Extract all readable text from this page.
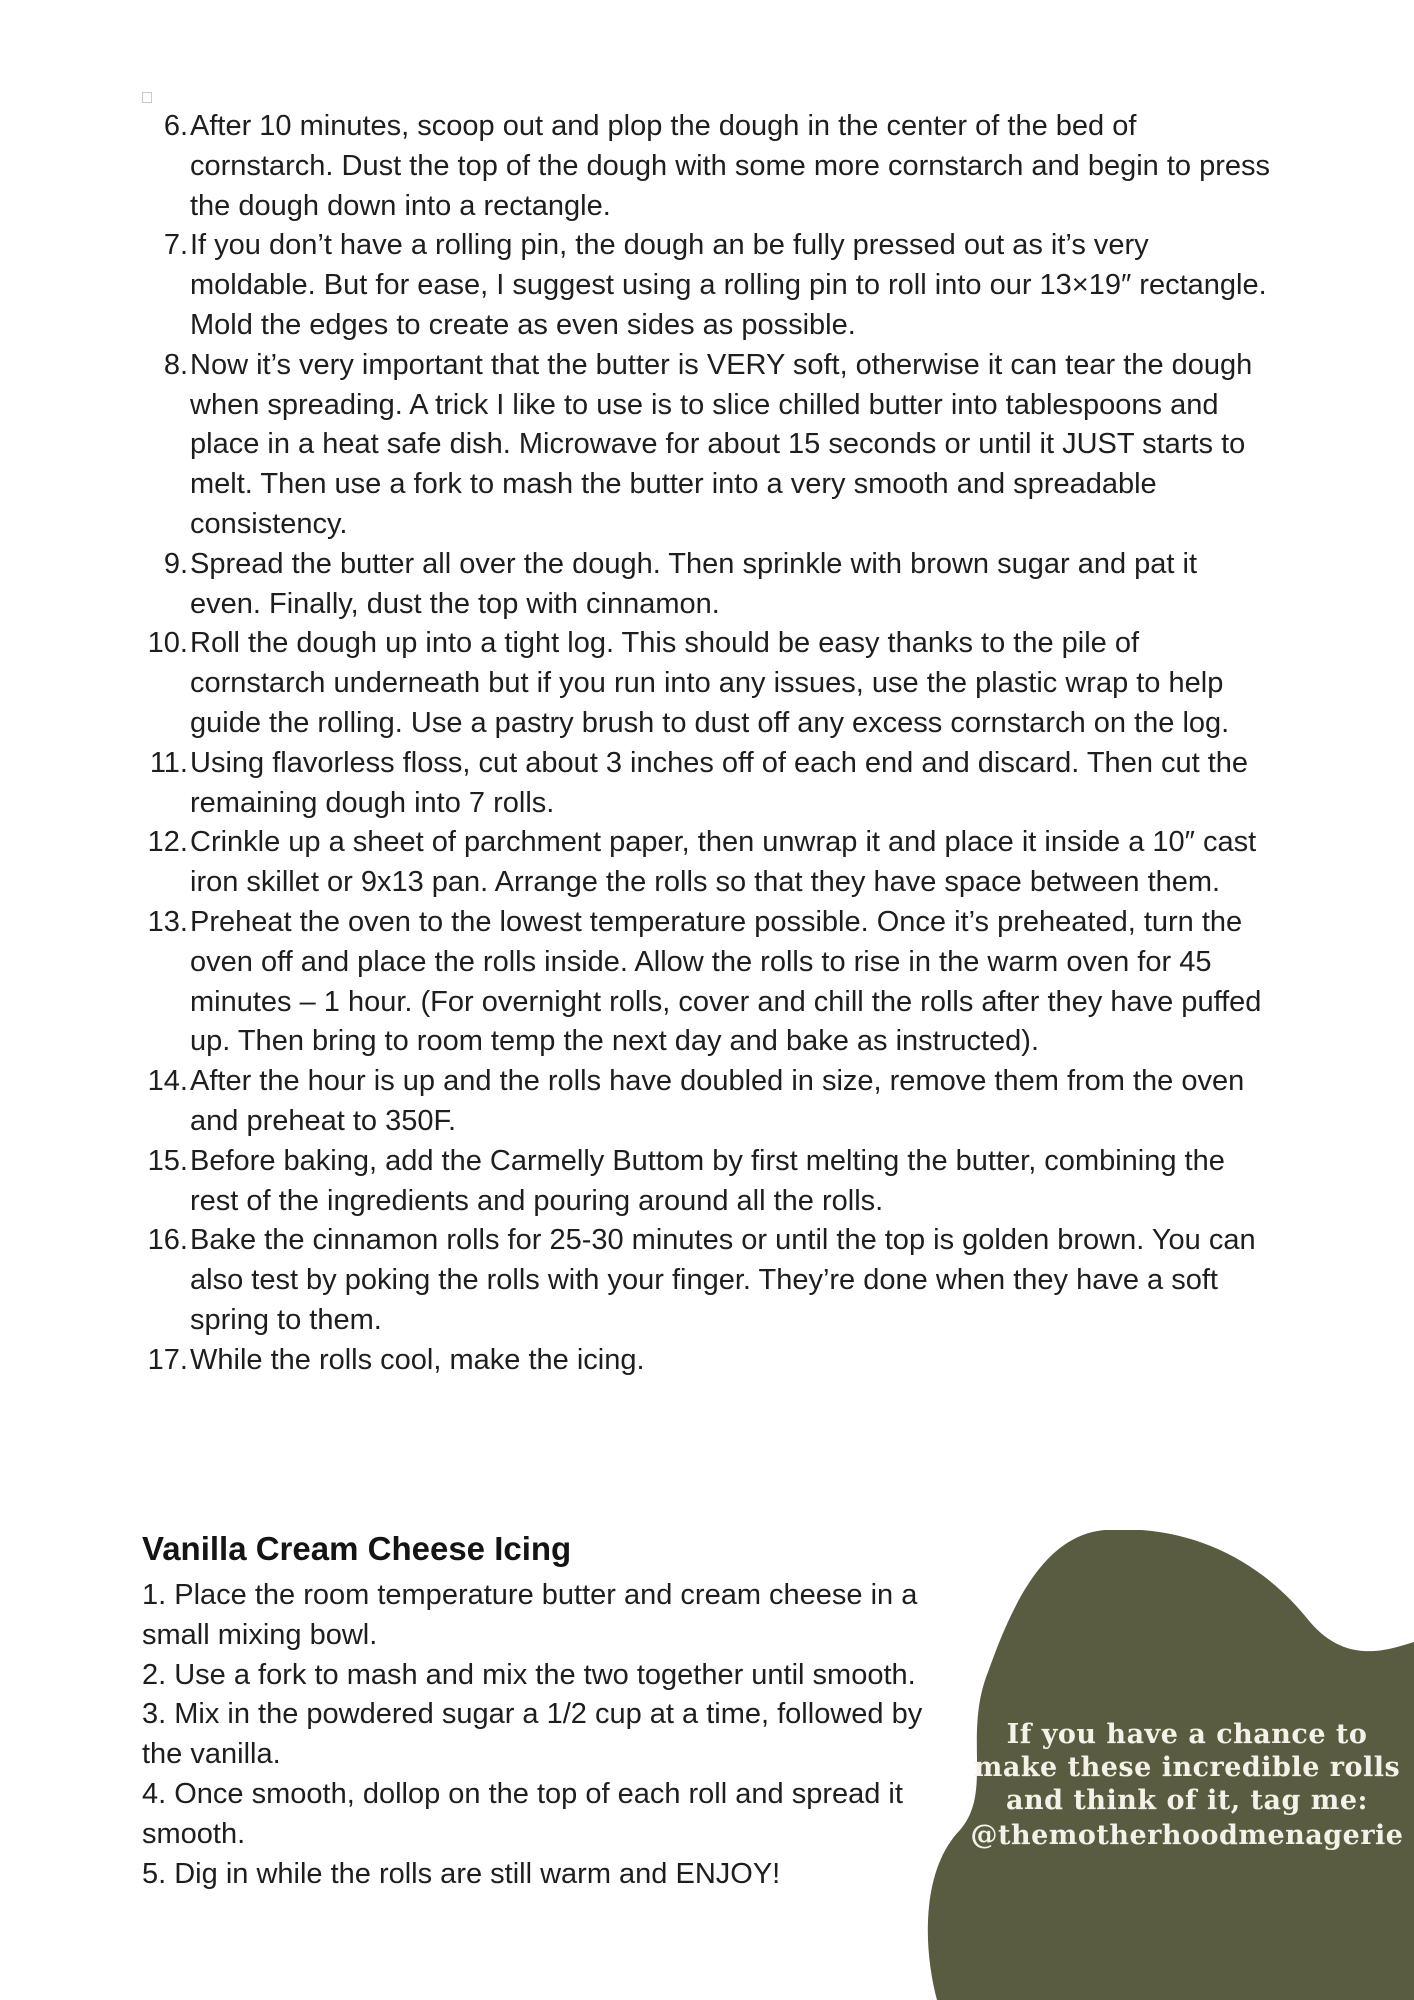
6. After 10 minutes, scoop out and plop the dough in the center of the bed of cornstarch. Dust the top of the dough with some more cornstarch and begin to press the dough down into a rectangle.
7. If you don’t have a rolling pin, the dough an be fully pressed out as it’s very moldable. But for ease, I suggest using a rolling pin to roll into our 13×19″ rectangle. Mold the edges to create as even sides as possible.
8. Now it’s very important that the butter is VERY soft, otherwise it can tear the dough when spreading. A trick I like to use is to slice chilled butter into tablespoons and place in a heat safe dish. Microwave for about 15 seconds or until it JUST starts to melt. Then use a fork to mash the butter into a very smooth and spreadable consistency.
9. Spread the butter all over the dough. Then sprinkle with brown sugar and pat it even. Finally, dust the top with cinnamon.
10. Roll the dough up into a tight log. This should be easy thanks to the pile of cornstarch underneath but if you run into any issues, use the plastic wrap to help guide the rolling. Use a pastry brush to dust off any excess cornstarch on the log.
11. Using flavorless floss, cut about 3 inches off of each end and discard. Then cut the remaining dough into 7 rolls.
12. Crinkle up a sheet of parchment paper, then unwrap it and place it inside a 10″ cast iron skillet or 9x13 pan. Arrange the rolls so that they have space between them.
13. Preheat the oven to the lowest temperature possible. Once it’s preheated, turn the oven off and place the rolls inside. Allow the rolls to rise in the warm oven for 45 minutes – 1 hour. (For overnight rolls, cover and chill the rolls after they have puffed up. Then bring to room temp the next day and bake as instructed).
14. After the hour is up and the rolls have doubled in size, remove them from the oven and preheat to 350F.
15. Before baking, add the Carmelly Buttom by first melting the butter, combining the rest of the ingredients and pouring around all the rolls.
16. Bake the cinnamon rolls for 25-30 minutes or until the top is golden brown. You can also test by poking the rolls with your finger. They’re done when they have a soft spring to them.
17. While the rolls cool, make the icing.
Vanilla Cream Cheese Icing
1. Place the room temperature butter and cream cheese in a small mixing bowl.
2. Use a fork to mash and mix the two together until smooth.
3. Mix in the powdered sugar a 1/2 cup at a time, followed by the vanilla.
4. Once smooth, dollop on the top of each roll and spread it smooth.
5. Dig in while the rolls are still warm and ENJOY!
If you have a chance to make these incredible rolls and think of it, tag me:
@themotherhoodmenagerie
